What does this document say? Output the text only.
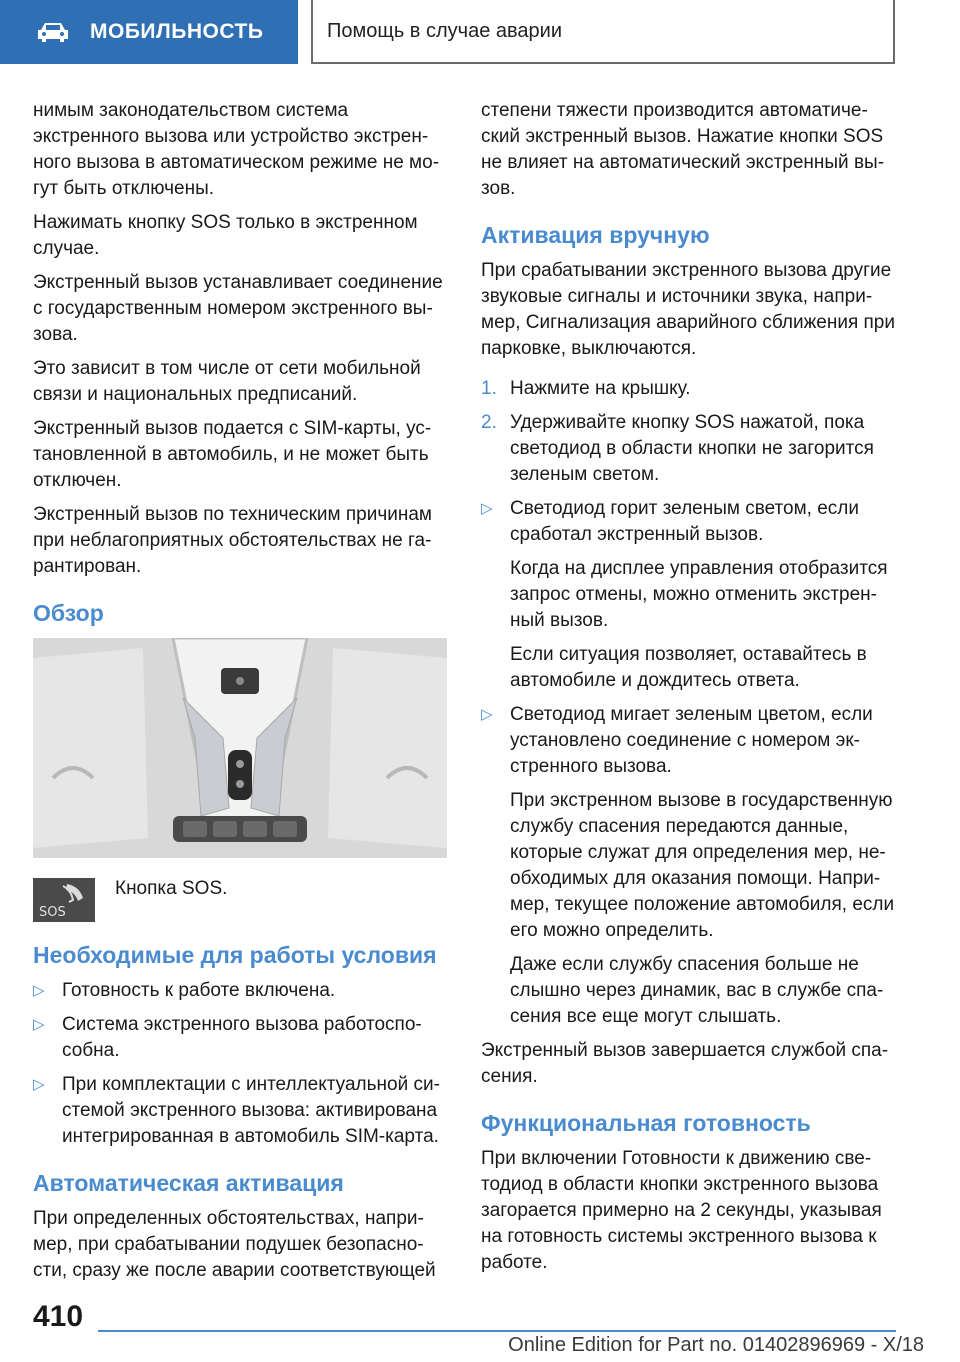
МОБИЛЬНОСТЬ	Помощь в случае аварии

нимым законодательством система экстренного вызова или устройство экстренного вызова в автоматическом режиме не могут быть отключены.

Нажимать кнопку SOS только в экстренном случае.

Экстренный вызов устанавливает соединение с государственным номером экстренного вызова.

Это зависит в том числе от сети мобильной связи и национальных предписаний.

Экстренный вызов подается с SIM-карты, установленной в автомобиль, и не может быть отключен.

Экстренный вызов по техническим причинам при неблагоприятных обстоятельствах не гарантирован.

Обзор
SOS
Кнопка SOS.
Необходимые для работы условия
▷ Готовность к работе включена.
▷ Система экстренного вызова работоспособна.
▷ При комплектации с интеллектуальной системой экстренного вызова: активирована интегрированная в автомобиль SIM-карта.
Автоматическая активация

При определенных обстоятельствах, например, при срабатывании подушек безопасности, сразу же после аварии соответствующей

степени тяжести производится автоматический экстренный вызов. Нажатие кнопки SOS не влияет на автоматический экстренный вызов.

Активация вручную

При срабатывании экстренного вызова другие звуковые сигналы и источники звука, например, Сигнализация аварийного сближения при парковке, выключаются.

1. Нажмите на крышку.
2. Удерживайте кнопку SOS нажатой, пока светодиод в области кнопки не загорится зеленым светом.
▷ Светодиод горит зеленым светом, если сработал экстренный вызов.

Когда на дисплее управления отобразится запрос отмены, можно отменить экстренный вызов.

Если ситуация позволяет, оставайтесь в автомобиле и дождитесь ответа.

▷ Светодиод мигает зеленым цветом, если установлено соединение с номером экстренного вызова.

При экстренном вызове в государственную службу спасения передаются данные, которые служат для определения мер, необходимых для оказания помощи. Например, текущее положение автомобиля, если его можно определить.

Даже если службу спасения больше не слышно через динамик, вас в службе спасения все еще могут слышать.

Экстренный вызов завершается службой спасения.

Функциональная готовность

При включении Готовности к движению светодиод в области кнопки экстренного вызова загорается примерно на 2 секунды, указывая на готовность системы экстренного вызова к работе.

410
Online Edition for Part no. 01402896969 - X/18
